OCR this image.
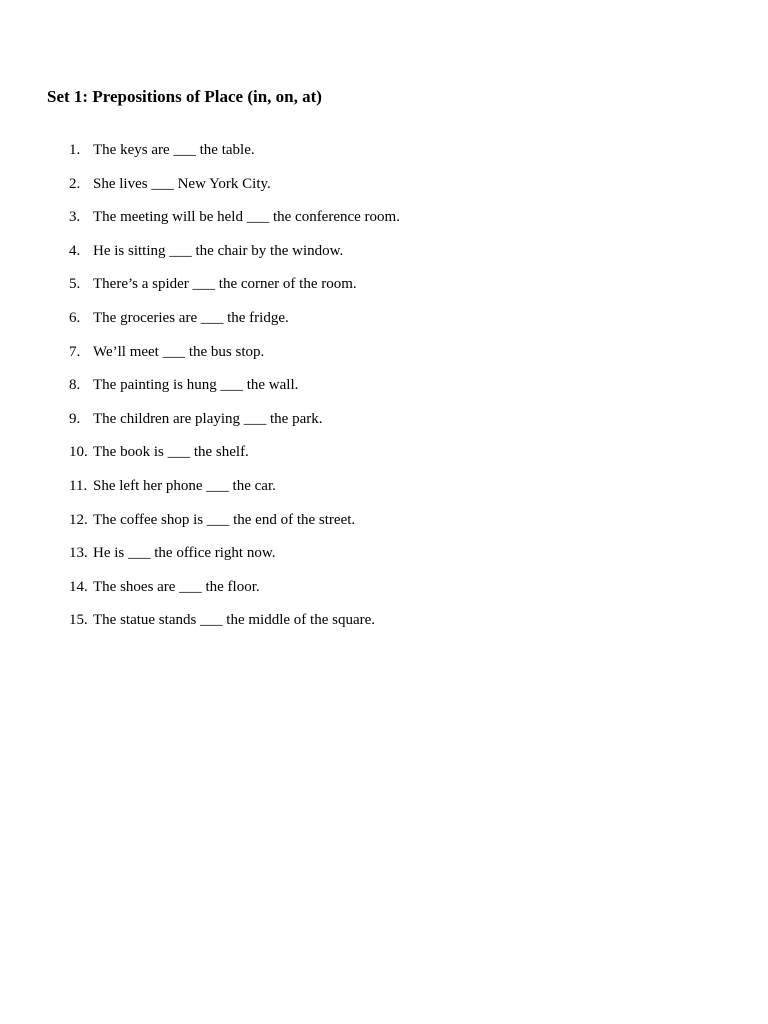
Set 1: Prepositions of Place (in, on, at)
1. The keys are ___ the table.
2. She lives ___ New York City.
3. The meeting will be held ___ the conference room.
4. He is sitting ___ the chair by the window.
5. There’s a spider ___ the corner of the room.
6. The groceries are ___ the fridge.
7. We’ll meet ___ the bus stop.
8. The painting is hung ___ the wall.
9. The children are playing ___ the park.
10. The book is ___ the shelf.
11. She left her phone ___ the car.
12. The coffee shop is ___ the end of the street.
13. He is ___ the office right now.
14. The shoes are ___ the floor.
15. The statue stands ___ the middle of the square.
